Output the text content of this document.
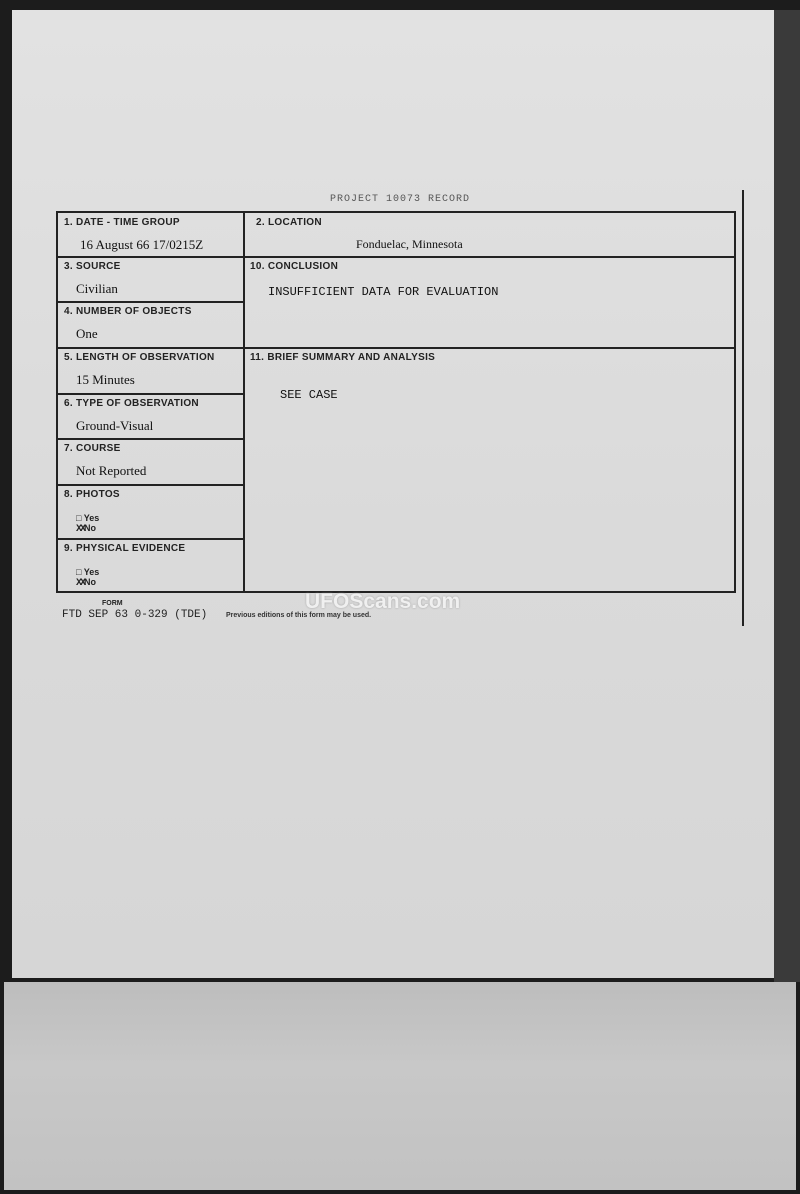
PROJECT 10073 RECORD
1. DATE - TIME GROUP
16 August 66 17/0215Z
2. LOCATION
Fonduelac, Minnesota
3. SOURCE
Civilian
10. CONCLUSION
INSUFFICIENT DATA FOR EVALUATION
4. NUMBER OF OBJECTS
One
5. LENGTH OF OBSERVATION
15 Minutes
11. BRIEF SUMMARY AND ANALYSIS
SEE CASE
6. TYPE OF OBSERVATION
Ground-Visual
7. COURSE
Not Reported
8. PHOTOS
□ Yes
XXNo
9. PHYSICAL EVIDENCE
□ Yes
XXNo
FORM
FTD SEP 63 0-329 (TDE)	Previous editions of this form may be used.
UFOScans.com
